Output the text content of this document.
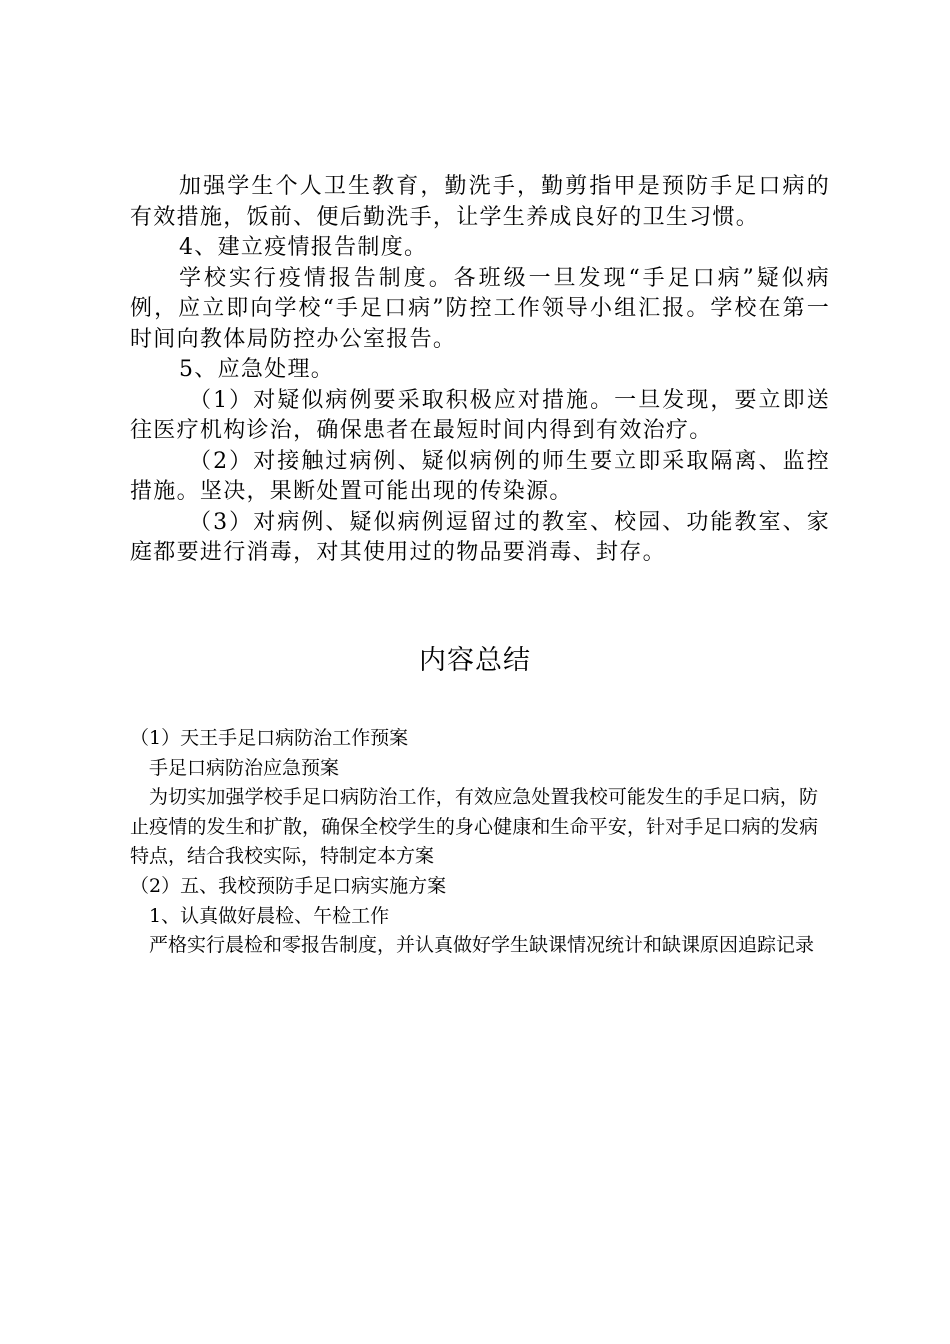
加强学生个人卫生教育，勤洗手，勤剪指甲是预防手足口病的有效措施，饭前、便后勤洗手，让学生养成良好的卫生习惯。

4、建立疫情报告制度。

学校实行疫情报告制度。各班级一旦发现“手足口病”疑似病例，应立即向学校“手足口病”防控工作领导小组汇报。学校在第一时间向教体局防控办公室报告。

5、应急处理。

（1）对疑似病例要采取积极应对措施。一旦发现，要立即送往医疗机构诊治，确保患者在最短时间内得到有效治疗。

（2）对接触过病例、疑似病例的师生要立即采取隔离、监控措施。坚决，果断处置可能出现的传染源。

（3）对病例、疑似病例逗留过的教室、校园、功能教室、家庭都要进行消毒，对其使用过的物品要消毒、封存。

内容总结

（1）天王手足口病防治工作预案

手足口病防治应急预案

为切实加强学校手足口病防治工作，有效应急处置我校可能发生的手足口病，防止疫情的发生和扩散，确保全校学生的身心健康和生命平安，针对手足口病的发病特点，结合我校实际，特制定本方案

（2）五、我校预防手足口病实施方案

1、认真做好晨检、午检工作

严格实行晨检和零报告制度，并认真做好学生缺课情况统计和缺课原因追踪记录
